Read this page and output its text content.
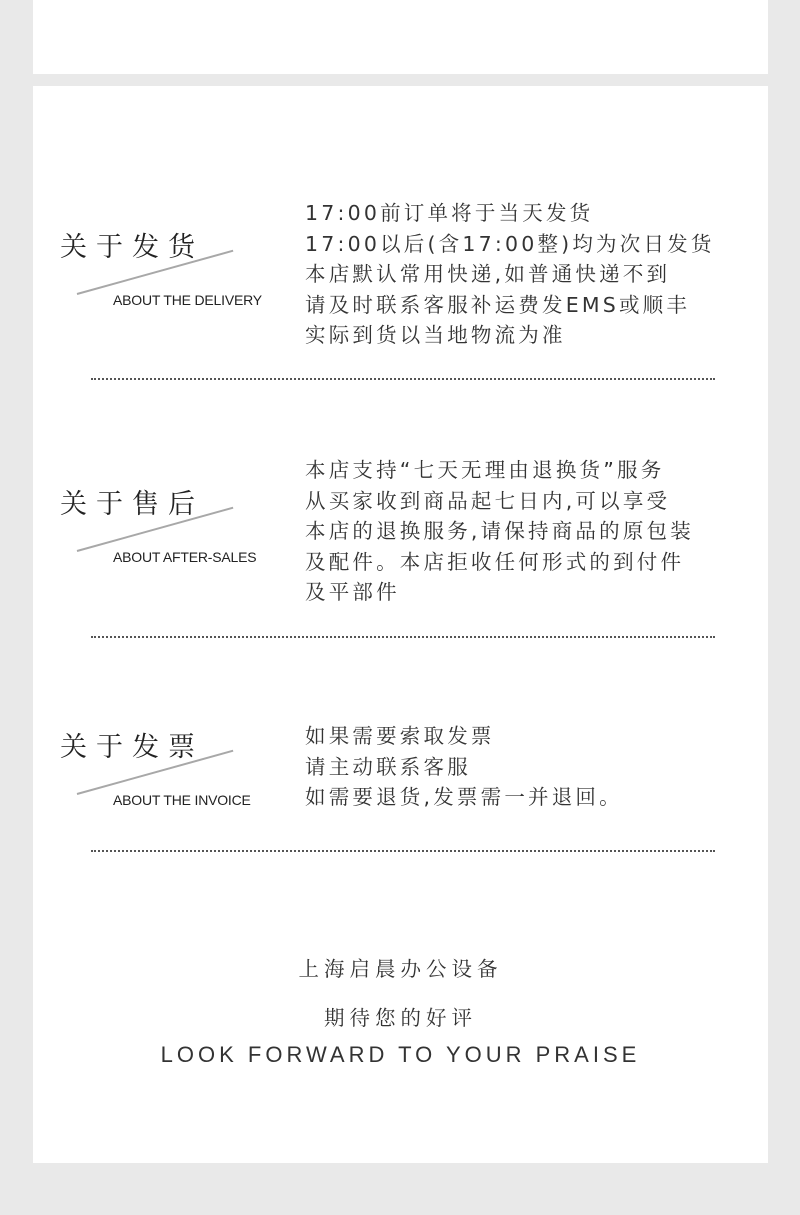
关于发货
ABOUT THE DELIVERY
17:00前订单将于当天发货
17:00以后(含17:00整)均为次日发货
本店默认常用快递,如普通快递不到
请及时联系客服补运费发EMS或顺丰
实际到货以当地物流为准
关于售后
ABOUT AFTER-SALES
本店支持“七天无理由退换货”服务
从买家收到商品起七日内,可以享受
本店的退换服务,请保持商品的原包装
及配件。本店拒收任何形式的到付件
及平部件
关于发票
ABOUT THE INVOICE
如果需要索取发票
请主动联系客服
如需要退货,发票需一并退回。
上海启晨办公设备
期待您的好评
LOOK FORWARD TO YOUR PRAISE
